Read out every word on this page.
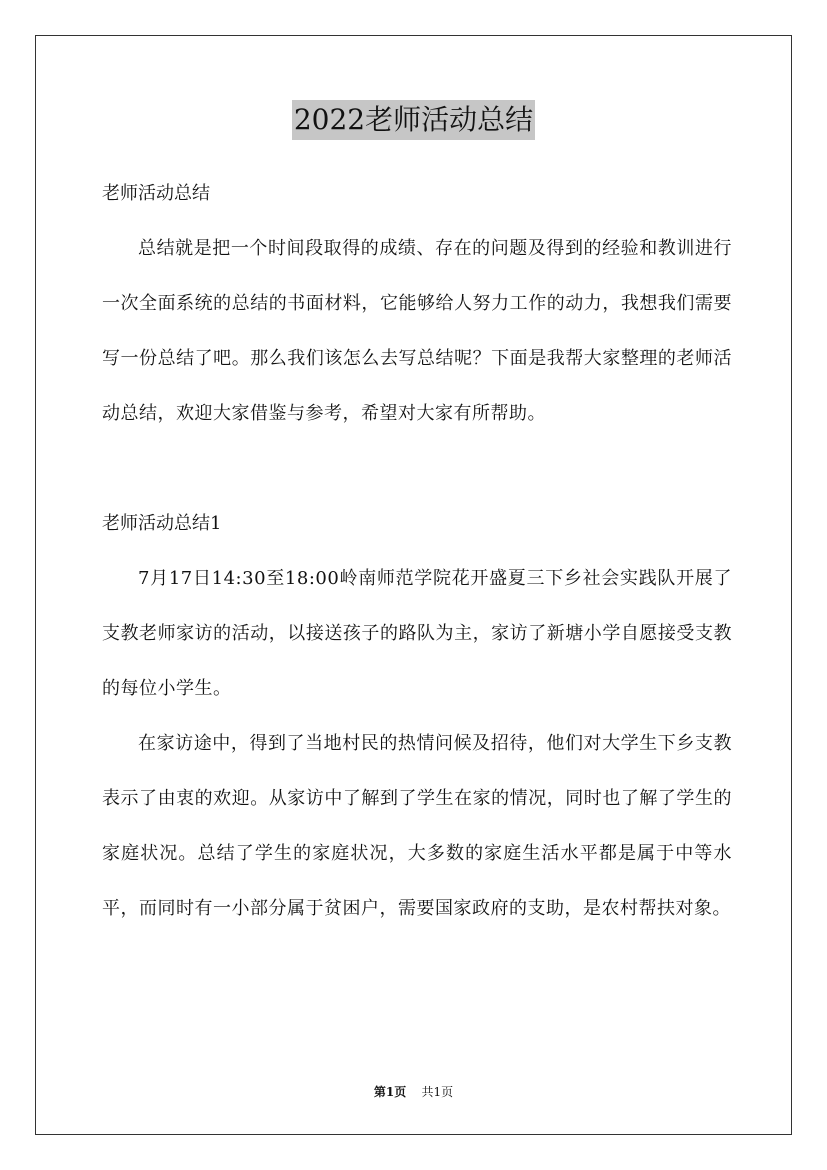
2022老师活动总结

老师活动总结

总结就是把一个时间段取得的成绩、存在的问题及得到的经验和教训进行一次全面系统的总结的书面材料，它能够给人努力工作的动力，我想我们需要写一份总结了吧。那么我们该怎么去写总结呢？下面是我帮大家整理的老师活动总结，欢迎大家借鉴与参考，希望对大家有所帮助。

老师活动总结1

7月17日14:30至18:00岭南师范学院花开盛夏三下乡社会实践队开展了支教老师家访的活动，以接送孩子的路队为主，家访了新塘小学自愿接受支教的每位小学生。

在家访途中，得到了当地村民的热情问候及招待，他们对大学生下乡支教表示了由衷的欢迎。从家访中了解到了学生在家的情况，同时也了解了学生的家庭状况。总结了学生的家庭状况，大多数的家庭生活水平都是属于中等水平，而同时有一小部分属于贫困户，需要国家政府的支助，是农村帮扶对象。

第1页 共1页
